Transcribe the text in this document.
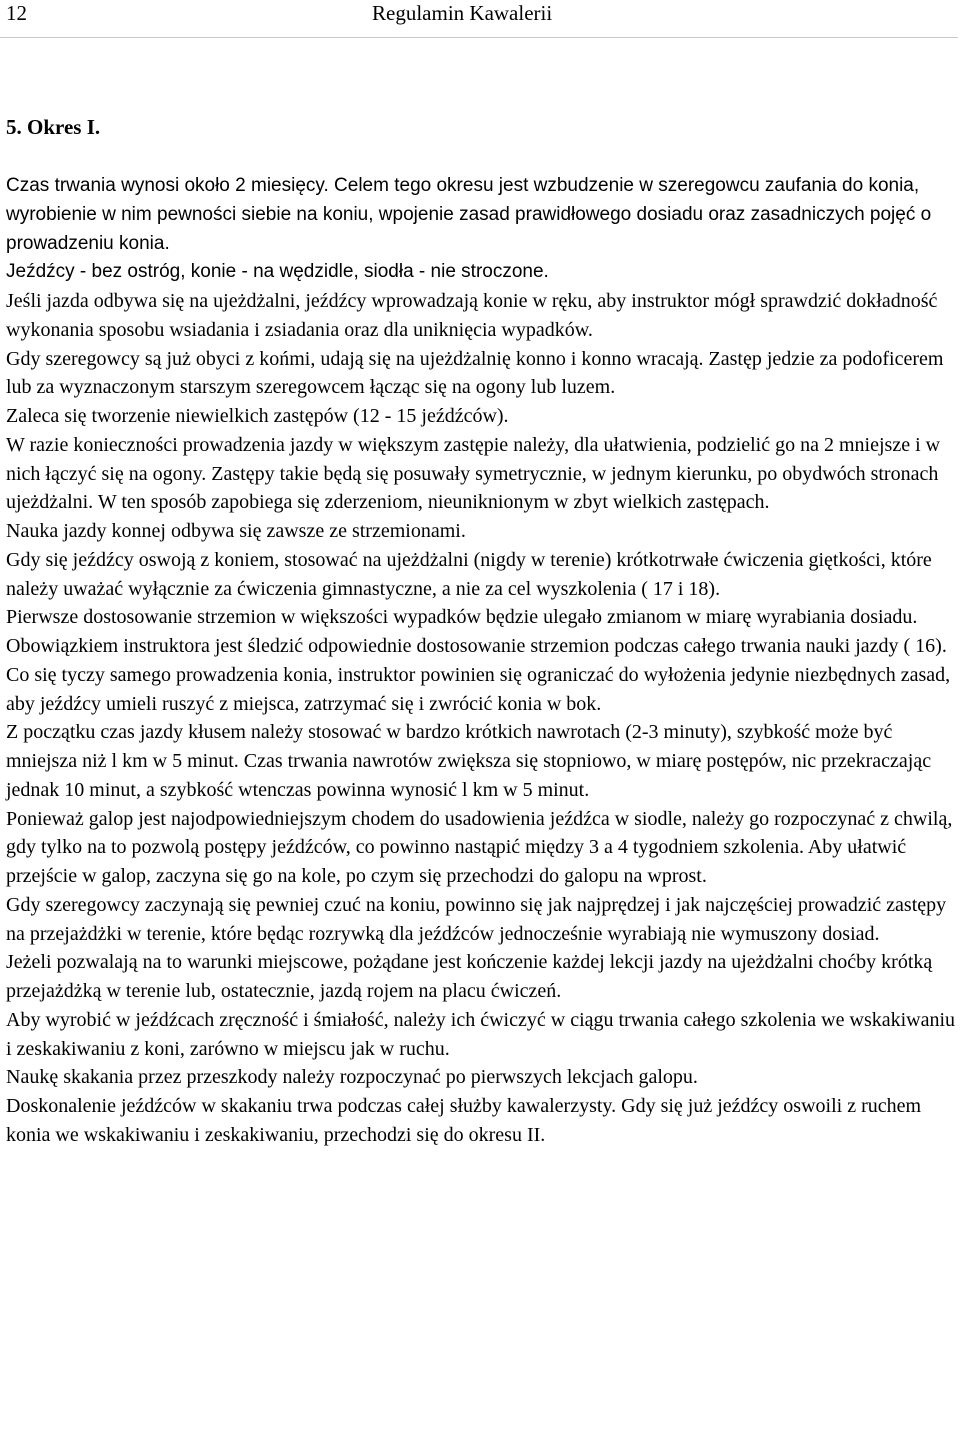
12	Regulamin Kawalerii
5. Okres I.

Czas trwania wynosi około 2 miesięcy. Celem tego okresu jest wzbudzenie w szeregowcu zaufania do konia, wyrobienie w nim pewności siebie na koniu, wpojenie zasad prawidłowego dosiadu oraz zasadniczych pojęć o prowadzeniu konia.

Jeźdźcy - bez ostróg, konie - na wędzidle, siodła - nie stroczone.

Jeśli jazda odbywa się na ujeżdżalni, jeźdźcy wprowadzają konie w ręku, aby instruktor mógł sprawdzić dokładność wykonania sposobu wsiadania i zsiadania oraz dla uniknięcia wypadków.

Gdy szeregowcy są już obyci z końmi, udają się na ujeżdżalnię konno i konno wracają. Zastęp jedzie za podoficerem lub za wyznaczonym starszym szeregowcem łącząc się na ogony lub luzem.

Zaleca się tworzenie niewielkich zastępów (12 - 15 jeźdźców).

W razie konieczności prowadzenia jazdy w większym zastępie należy, dla ułatwienia, podzielić go na 2 mniejsze i w nich łączyć się na ogony. Zastępy takie będą się posuwały symetrycznie, w jednym kierunku, po obydwóch stronach ujeżdżalni. W ten sposób zapobiega się zderzeniom, nieuniknionym w zbyt wielkich zastępach.

Nauka jazdy konnej odbywa się zawsze ze strzemionami.

Gdy się jeźdźcy oswoją z koniem, stosować na ujeżdżalni (nigdy w terenie) krótkotrwałe ćwiczenia giętkości, które należy uważać wyłącznie za ćwiczenia gimnastyczne, a nie za cel wyszkolenia ( 17 i 18).

Pierwsze dostosowanie strzemion w większości wypadków będzie ulegało zmianom w miarę wyrabiania dosiadu. Obowiązkiem instruktora jest śledzić odpowiednie dostosowanie strzemion podczas całego trwania nauki jazdy ( 16).

Co się tyczy samego prowadzenia konia, instruktor powinien się ograniczać do wyłożenia jedynie niezbędnych zasad, aby jeźdźcy umieli ruszyć z miejsca, zatrzymać się i zwrócić konia w bok.

Z początku czas jazdy kłusem należy stosować w bardzo krótkich nawrotach (2-3 minuty), szybkość może być mniejsza niż l km w 5 minut. Czas trwania nawrotów zwiększa się stopniowo, w miarę postępów, nic przekraczając jednak 10 minut, a szybkość wtenczas powinna wynosić l km w 5 minut.

Ponieważ galop jest najodpowiedniejszym chodem do usadowienia jeźdźca w siodle, należy go rozpoczynać z chwilą, gdy tylko na to pozwolą postępy jeźdźców, co powinno nastąpić między 3 a 4 tygodniem szkolenia. Aby ułatwić przejście w galop, zaczyna się go na kole, po czym się przechodzi do galopu na wprost.

Gdy szeregowcy zaczynają się pewniej czuć na koniu, powinno się jak najprędzej i jak najczęściej prowadzić zastępy na przejażdżki w terenie, które będąc rozrywką dla jeźdźców jednocześnie wyrabiają nie wymuszony dosiad.

Jeżeli pozwalają na to warunki miejscowe, pożądane jest kończenie każdej lekcji jazdy na ujeżdżalni choćby krótką przejażdżką w terenie lub, ostatecznie, jazdą rojem na placu ćwiczeń.

Aby wyrobić w jeźdźcach zręczność i śmiałość, należy ich ćwiczyć w ciągu trwania całego szkolenia we wskakiwaniu i zeskakiwaniu z koni, zarówno w miejscu jak w ruchu.

Naukę skakania przez przeszkody należy rozpoczynać po pierwszych lekcjach galopu.

Doskonalenie jeźdźców w skakaniu trwa podczas całej służby kawalerzysty. Gdy się już jeźdźcy oswoili z ruchem konia we wskakiwaniu i zeskakiwaniu, przechodzi się do okresu II.
